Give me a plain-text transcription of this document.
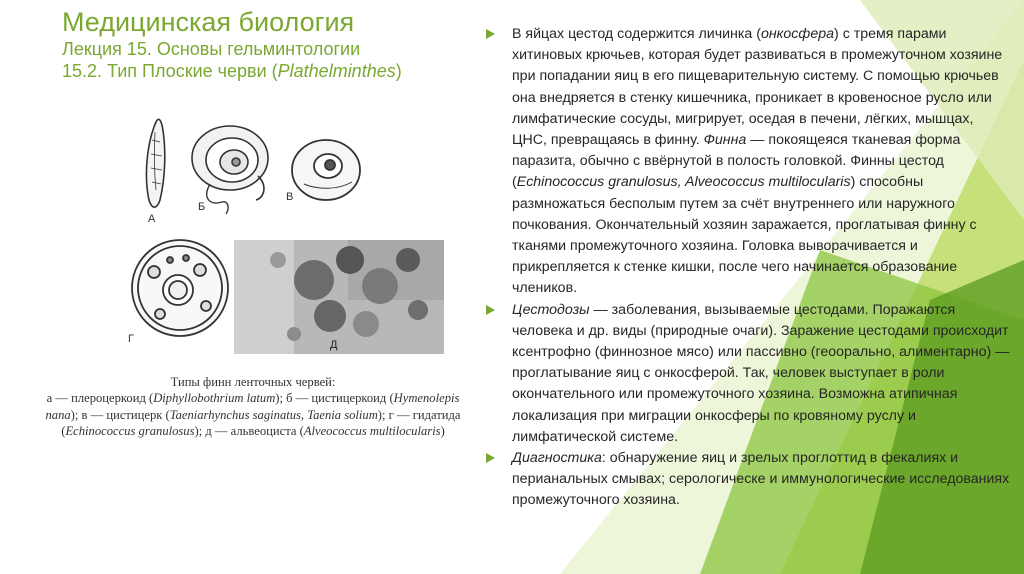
Медицинская биология

Лекция 15. Основы гельминтологии

15.2. Тип Плоские черви (Plathelminthes)

А
Б
В
Г	Д
Типы финн ленточных червей:
а — плероцеркоид (Diphyllobothrium latum); б — цистицеркоид (Hymenolepis
nana); в — цистицерк (Taeniarhynchus saginatus, Taenia solium); г — гидатида
(Echinococcus granulosus); д — альвеоциста (Alveococcus multilocularis)
В яйцах цестод содержится личинка (онкосфера) с тремя парами хитиновых крючьев, которая будет развиваться в промежуточном хозяине при попадании яиц в его пищеварительную систему. С помощью крючьев она внедряется в стенку кишечника, проникает в кровеносное русло или лимфатические сосуды, мигрирует, оседая в печени, лёгких, мышцах, ЦНС, превращаясь в финну. Финна — покоящеяся тканевая форма паразита, обычно с ввёрнутой в полость головкой. Финны цестод (Echinococcus granulosus, Alveococcus multilocularis) способны размножаться бесполым путем за счёт внутреннего или наружного почкования. Окончательный хозяин заражается, проглатывая финну с тканями промежуточного хозяина. Головка выворачивается и прикрепляется к стенке кишки, после чего начинается образование члеников.
Цестодозы — заболевания, вызываемые цестодами. Поражаются человека и др. виды (природные очаги). Заражение цестодами происходит ксентрофно (финнозное мясо) или пассивно (геоорально, алиментарно) — проглатывание яиц с онкосферой. Так, человек выступает в роли окончательного или промежуточного хозяина. Возможна атипичная локализация при миграции онкосферы по кровяному руслу и лимфатической системе.
Диагностика: обнаружение яиц и зрелых проглоттид в фекалиях и перианальных смывах; серологическе и иммунологические исследованиях промежуточного хозяина.
